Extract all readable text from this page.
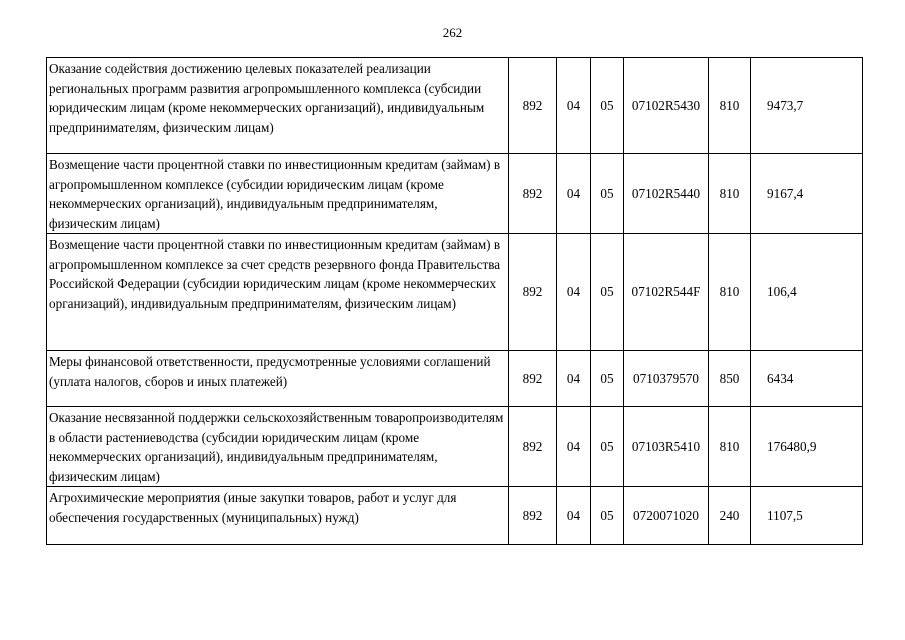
262
Оказание содействия достижению целевых показателей реализации региональных программ развития агропромышленного комплекса (субсидии юридическим лицам (кроме некоммерческих организаций), индивидуальным предпринимателям, физическим лицам)	892	04	05	07102R5430	810	9473,7
Возмещение части процентной ставки по инвестиционным кредитам (займам) в агропромышленном комплексе (субсидии юридическим лицам (кроме некоммерческих организаций), индивидуальным предпринимателям, физическим лицам)	892	04	05	07102R5440	810	9167,4
Возмещение части процентной ставки по инвестиционным кредитам (займам) в агропромышленном комплексе за счет средств резервного фонда Правительства Российской Федерации (субсидии юридическим лицам (кроме некоммерческих организаций), индивидуальным предпринимателям, физическим лицам)	892	04	05	07102R544F	810	106,4
Меры финансовой ответственности, предусмотренные условиями соглашений (уплата налогов, сборов и иных платежей)	892	04	05	0710379570	850	6434
Оказание несвязанной поддержки сельскохозяйственным товаропроизводителям в области растениеводства (субсидии юридическим лицам (кроме некоммерческих организаций), индивидуальным предпринимателям, физическим лицам)	892	04	05	07103R5410	810	176480,9
Агрохимические мероприятия (иные закупки товаров, работ и услуг для обеспечения государственных (муниципальных) нужд)	892	04	05	0720071020	240	1107,5
